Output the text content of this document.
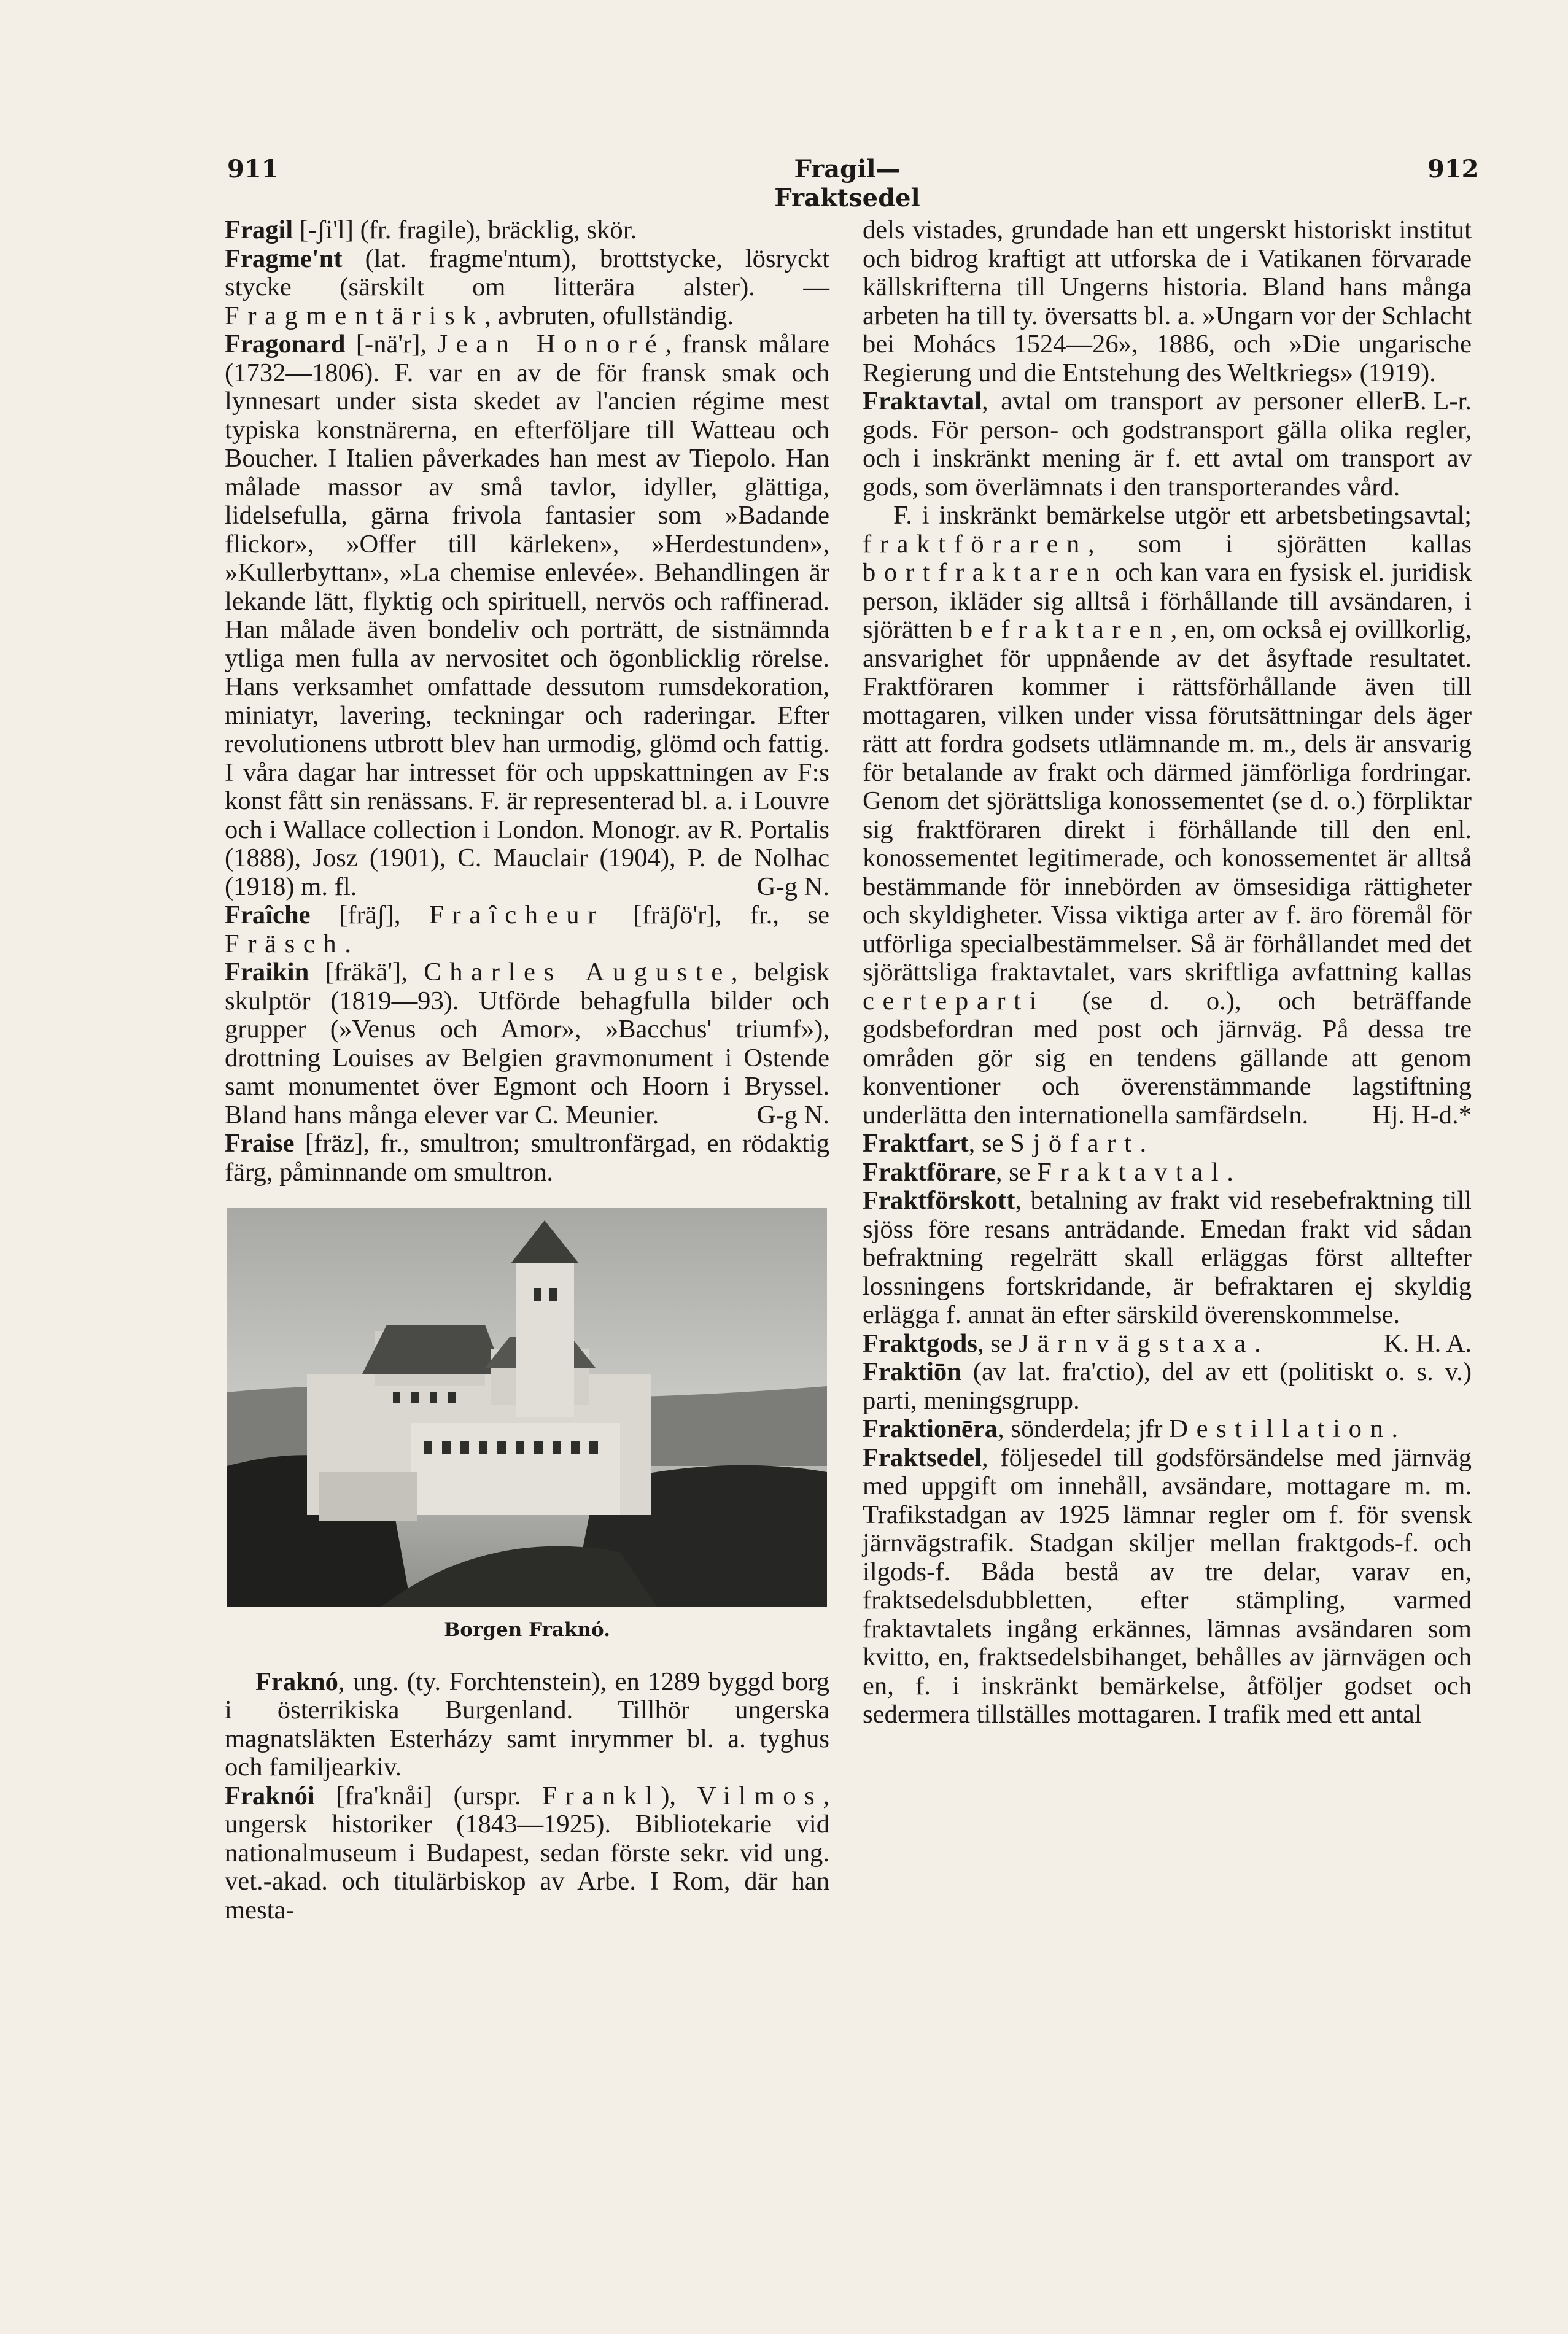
911	Fragil—Fraktsedel
912

Fragil [-ʃi'l] (fr. fragile), bräcklig, skör.

Fragme'nt (lat. fragme'ntum), brottstycke, lösryckt stycke (särskilt om litterära alster). — Fragmentärisk, avbruten, ofullständig.

Fragonard [-nä'r], Jean Honoré, fransk målare (1732—1806). F. var en av de för fransk smak och lynnesart under sista skedet av l'ancien régime mest typiska konstnärerna, en efterföljare till Watteau och Boucher. I Italien påverkades han mest av Tiepolo. Han målade massor av små tavlor, idyller, glättiga, lidelsefulla, gärna frivola fantasier som »Badande flickor», »Offer till kärleken», »Herdestunden», »Kullerbyttan», »La chemise enlevée». Behandlingen är lekande lätt, flyktig och spirituell, nervös och raffinerad. Han målade även bondeliv och porträtt, de sistnämnda ytliga men fulla av nervositet och ögonblicklig rörelse. Hans verksamhet omfattade dessutom rumsdekoration, miniatyr, lavering, teckningar och raderingar. Efter revolutionens utbrott blev han urmodig, glömd och fattig. I våra dagar har intresset för och uppskattningen av F:s konst fått sin renässans. F. är representerad bl. a. i Louvre och i Wallace collection i London. Monogr. av R. Portalis (1888), Josz (1901), C. Mauclair (1904), P. de Nolhac (1918) m. fl.	G-g N.

Fraîche [fräʃ], Fraîcheur [fräʃö'r], fr., se Fräsch.

Fraikin [fräkä'], Charles Auguste, belgisk skulptör (1819—93). Utförde behagfulla bilder och grupper (»Venus och Amor», »Bacchus' triumf»), drottning Louises av Belgien gravmonument i Ostende samt monumentet över Egmont och Hoorn i Bryssel. Bland hans många elever var C. Meunier.	G-g N.

Fraise [fräz], fr., smultron; smultronfärgad, en rödaktig färg, påminnande om smultron.

Borgen Fraknó.

Fraknó, ung. (ty. Forchtenstein), en 1289 byggd borg i österrikiska Burgenland. Tillhör ungerska magnatsläkten Esterházy samt inrymmer bl. a. tyghus och familjearkiv.

Fraknói [fra'knåi] (urspr. Frankl), Vilmos, ungersk historiker (1843—1925). Bibliotekarie vid nationalmuseum i Budapest, sedan förste sekr. vid ung. vet.-akad. och titulärbiskop av Arbe. I Rom, där han mesta-

dels vistades, grundade han ett ungerskt historiskt institut och bidrog kraftigt att utforska de i Vatikanen förvarade källskrifterna till Ungerns historia. Bland hans många arbeten ha till ty. översatts bl. a. »Ungarn vor der Schlacht bei Mohács 1524—26», 1886, och »Die ungarische Regierung und die Entstehung des Weltkriegs» (1919).
B. L-r.

Fraktavtal, avtal om transport av personer eller gods. För person- och godstransport gälla olika regler, och i inskränkt mening är f. ett avtal om transport av gods, som överlämnats i den transporterandes vård.

F. i inskränkt bemärkelse utgör ett arbetsbetingsavtal; fraktföraren, som i sjörätten kallas bortfraktaren och kan vara en fysisk el. juridisk person, ikläder sig alltså i förhållande till avsändaren, i sjörätten befraktaren, en, om också ej ovillkorlig, ansvarighet för uppnående av det åsyftade resultatet. Fraktföraren kommer i rättsförhållande även till mottagaren, vilken under vissa förutsättningar dels äger rätt att fordra godsets utlämnande m. m., dels är ansvarig för betalande av frakt och därmed jämförliga fordringar. Genom det sjörättsliga konossementet (se d. o.) förpliktar sig fraktföraren direkt i förhållande till den enl. konossementet legitimerade, och konossementet är alltså bestämmande för innebörden av ömsesidiga rättigheter och skyldigheter. Vissa viktiga arter av f. äro föremål för utförliga specialbestämmelser. Så är förhållandet med det sjörättsliga fraktavtalet, vars skriftliga avfattning kallas certeparti (se d. o.), och beträffande godsbefordran med post och järnväg. På dessa tre områden gör sig en tendens gällande att genom konventioner och överenstämmande lagstiftning underlätta den internationella samfärdseln.	Hj. H-d.*

Fraktfart, se Sjöfart.

Fraktförare, se Fraktavtal.

Fraktförskott, betalning av frakt vid resebefraktning till sjöss före resans anträdande. Emedan frakt vid sådan befraktning regelrätt skall erläggas först alltefter lossningens fortskridande, är befraktaren ej skyldig erlägga f. annat än efter särskild överenskommelse.
K. H. A.

Fraktgods, se Järnvägstaxa.

Fraktiōn (av lat. fra'ctio), del av ett (politiskt o. s. v.) parti, meningsgrupp.

Fraktionēra, sönderdela; jfr Destillation.

Fraktsedel, följesedel till godsförsändelse med järnväg med uppgift om innehåll, avsändare, mottagare m. m. Trafikstadgan av 1925 lämnar regler om f. för svensk järnvägstrafik. Stadgan skiljer mellan fraktgods-f. och ilgods-f. Båda bestå av tre delar, varav en, fraktsedelsdubbletten, efter stämpling, varmed fraktavtalets ingång erkännes, lämnas avsändaren som kvitto, en, fraktsedelsbihanget, behålles av järnvägen och en, f. i inskränkt bemärkelse, åtföljer godset och sedermera tillställes mottagaren. I trafik med ett antal
